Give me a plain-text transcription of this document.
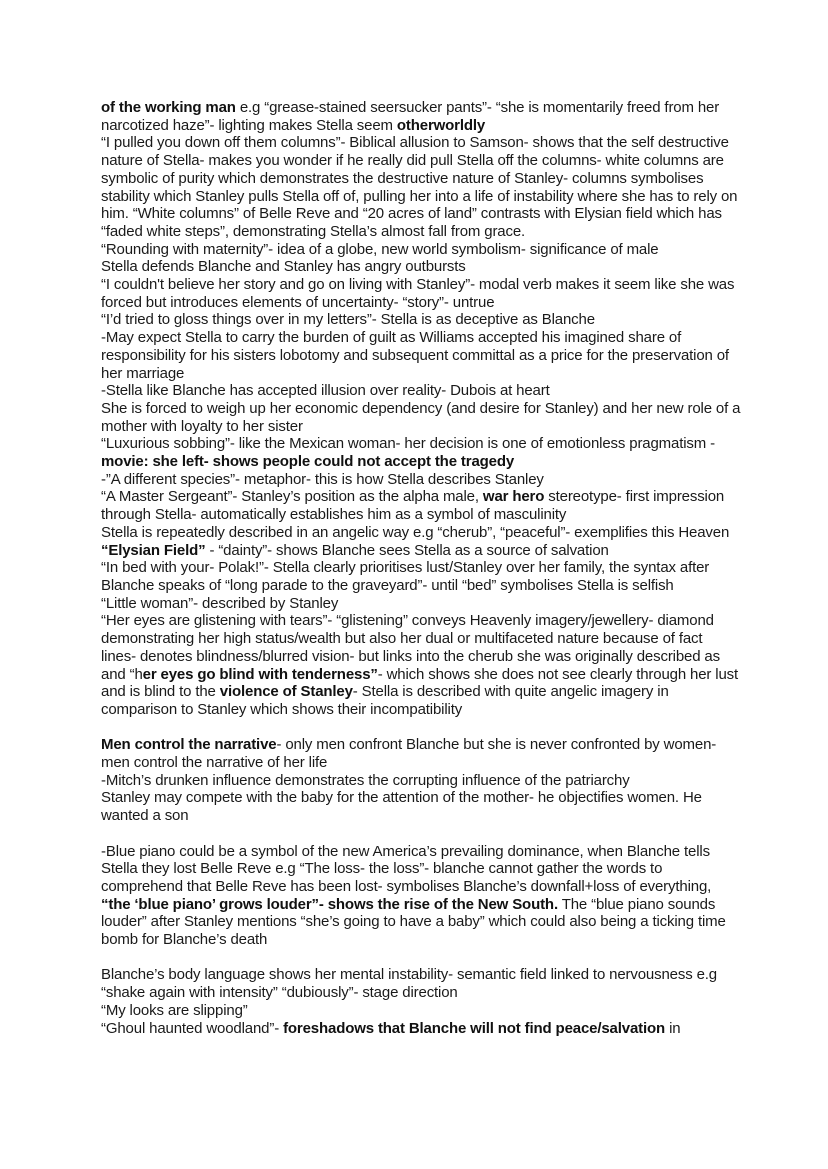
of the working man e.g “grease-stained seersucker pants”- “she is momentarily freed from her narcotized haze”- lighting makes Stella seem otherworldly

“I pulled you down off them columns”- Biblical allusion to Samson- shows that the self destructive nature of Stella- makes you wonder if he really did pull Stella off the columns- white columns are symbolic of purity which demonstrates the destructive nature of Stanley- columns symbolises stability which Stanley pulls Stella off of, pulling her into a life of instability where she has to rely on him. “White columns” of Belle Reve and “20 acres of land” contrasts with Elysian field which has “faded white steps”, demonstrating Stella’s almost fall from grace.

“Rounding with maternity”- idea of a globe, new world symbolism- significance of male

Stella defends Blanche and Stanley has angry outbursts

“I couldn't believe her story and go on living with Stanley”- modal verb makes it seem like she was forced but introduces elements of uncertainty- “story”- untrue

“I’d tried to gloss things over in my letters”- Stella is as deceptive as Blanche

-May expect Stella to carry the burden of guilt as Williams accepted his imagined share of responsibility for his sisters lobotomy and subsequent committal as a price for the preservation of her marriage

-Stella like Blanche has accepted illusion over reality- Dubois at heart

She is forced to weigh up her economic dependency (and desire for Stanley) and her new role of a mother with loyalty to her sister

“Luxurious sobbing”- like the Mexican woman- her decision is one of emotionless pragmatism - movie: she left- shows people could not accept the tragedy

-”A different species”- metaphor- this is how Stella describes Stanley

“A Master Sergeant”- Stanley’s position as the alpha male, war hero stereotype- first impression through Stella- automatically establishes him as a symbol of masculinity

Stella is repeatedly described in an angelic way e.g “cherub”, “peaceful”- exemplifies this Heaven “Elysian Field” - “dainty”- shows Blanche sees Stella as a source of salvation

“In bed with your- Polak!”- Stella clearly prioritises lust/Stanley over her family, the syntax after Blanche speaks of “long parade to the graveyard”- until “bed” symbolises Stella is selfish

“Little woman”- described by Stanley

“Her eyes are glistening with tears”- “glistening” conveys Heavenly imagery/jewellery- diamond demonstrating her high status/wealth but also her dual or multifaceted nature because of fact lines- denotes blindness/blurred vision- but links into the cherub she was originally described as and “her eyes go blind with tenderness”- which shows she does not see clearly through her lust and is blind to the violence of Stanley- Stella is described with quite angelic imagery in comparison to Stanley which shows their incompatibility

Men control the narrative- only men confront Blanche but she is never confronted by women- men control the narrative of her life

-Mitch’s drunken influence demonstrates the corrupting influence of the patriarchy

Stanley may compete with the baby for the attention of the mother- he objectifies women. He wanted a son

-Blue piano could be a symbol of the new America’s prevailing dominance, when Blanche tells Stella they lost Belle Reve e.g “The loss- the loss”- blanche cannot gather the words to comprehend that Belle Reve has been lost- symbolises Blanche’s downfall+loss of everything, “the ‘blue piano’ grows louder”- shows the rise of the New South. The “blue piano sounds louder” after Stanley mentions “she’s going to have a baby” which could also being a ticking time bomb for Blanche’s death

Blanche’s body language shows her mental instability- semantic field linked to nervousness e.g “shake again with intensity” “dubiously”- stage direction

“My looks are slipping”

“Ghoul haunted woodland”- foreshadows that Blanche will not find peace/salvation in
